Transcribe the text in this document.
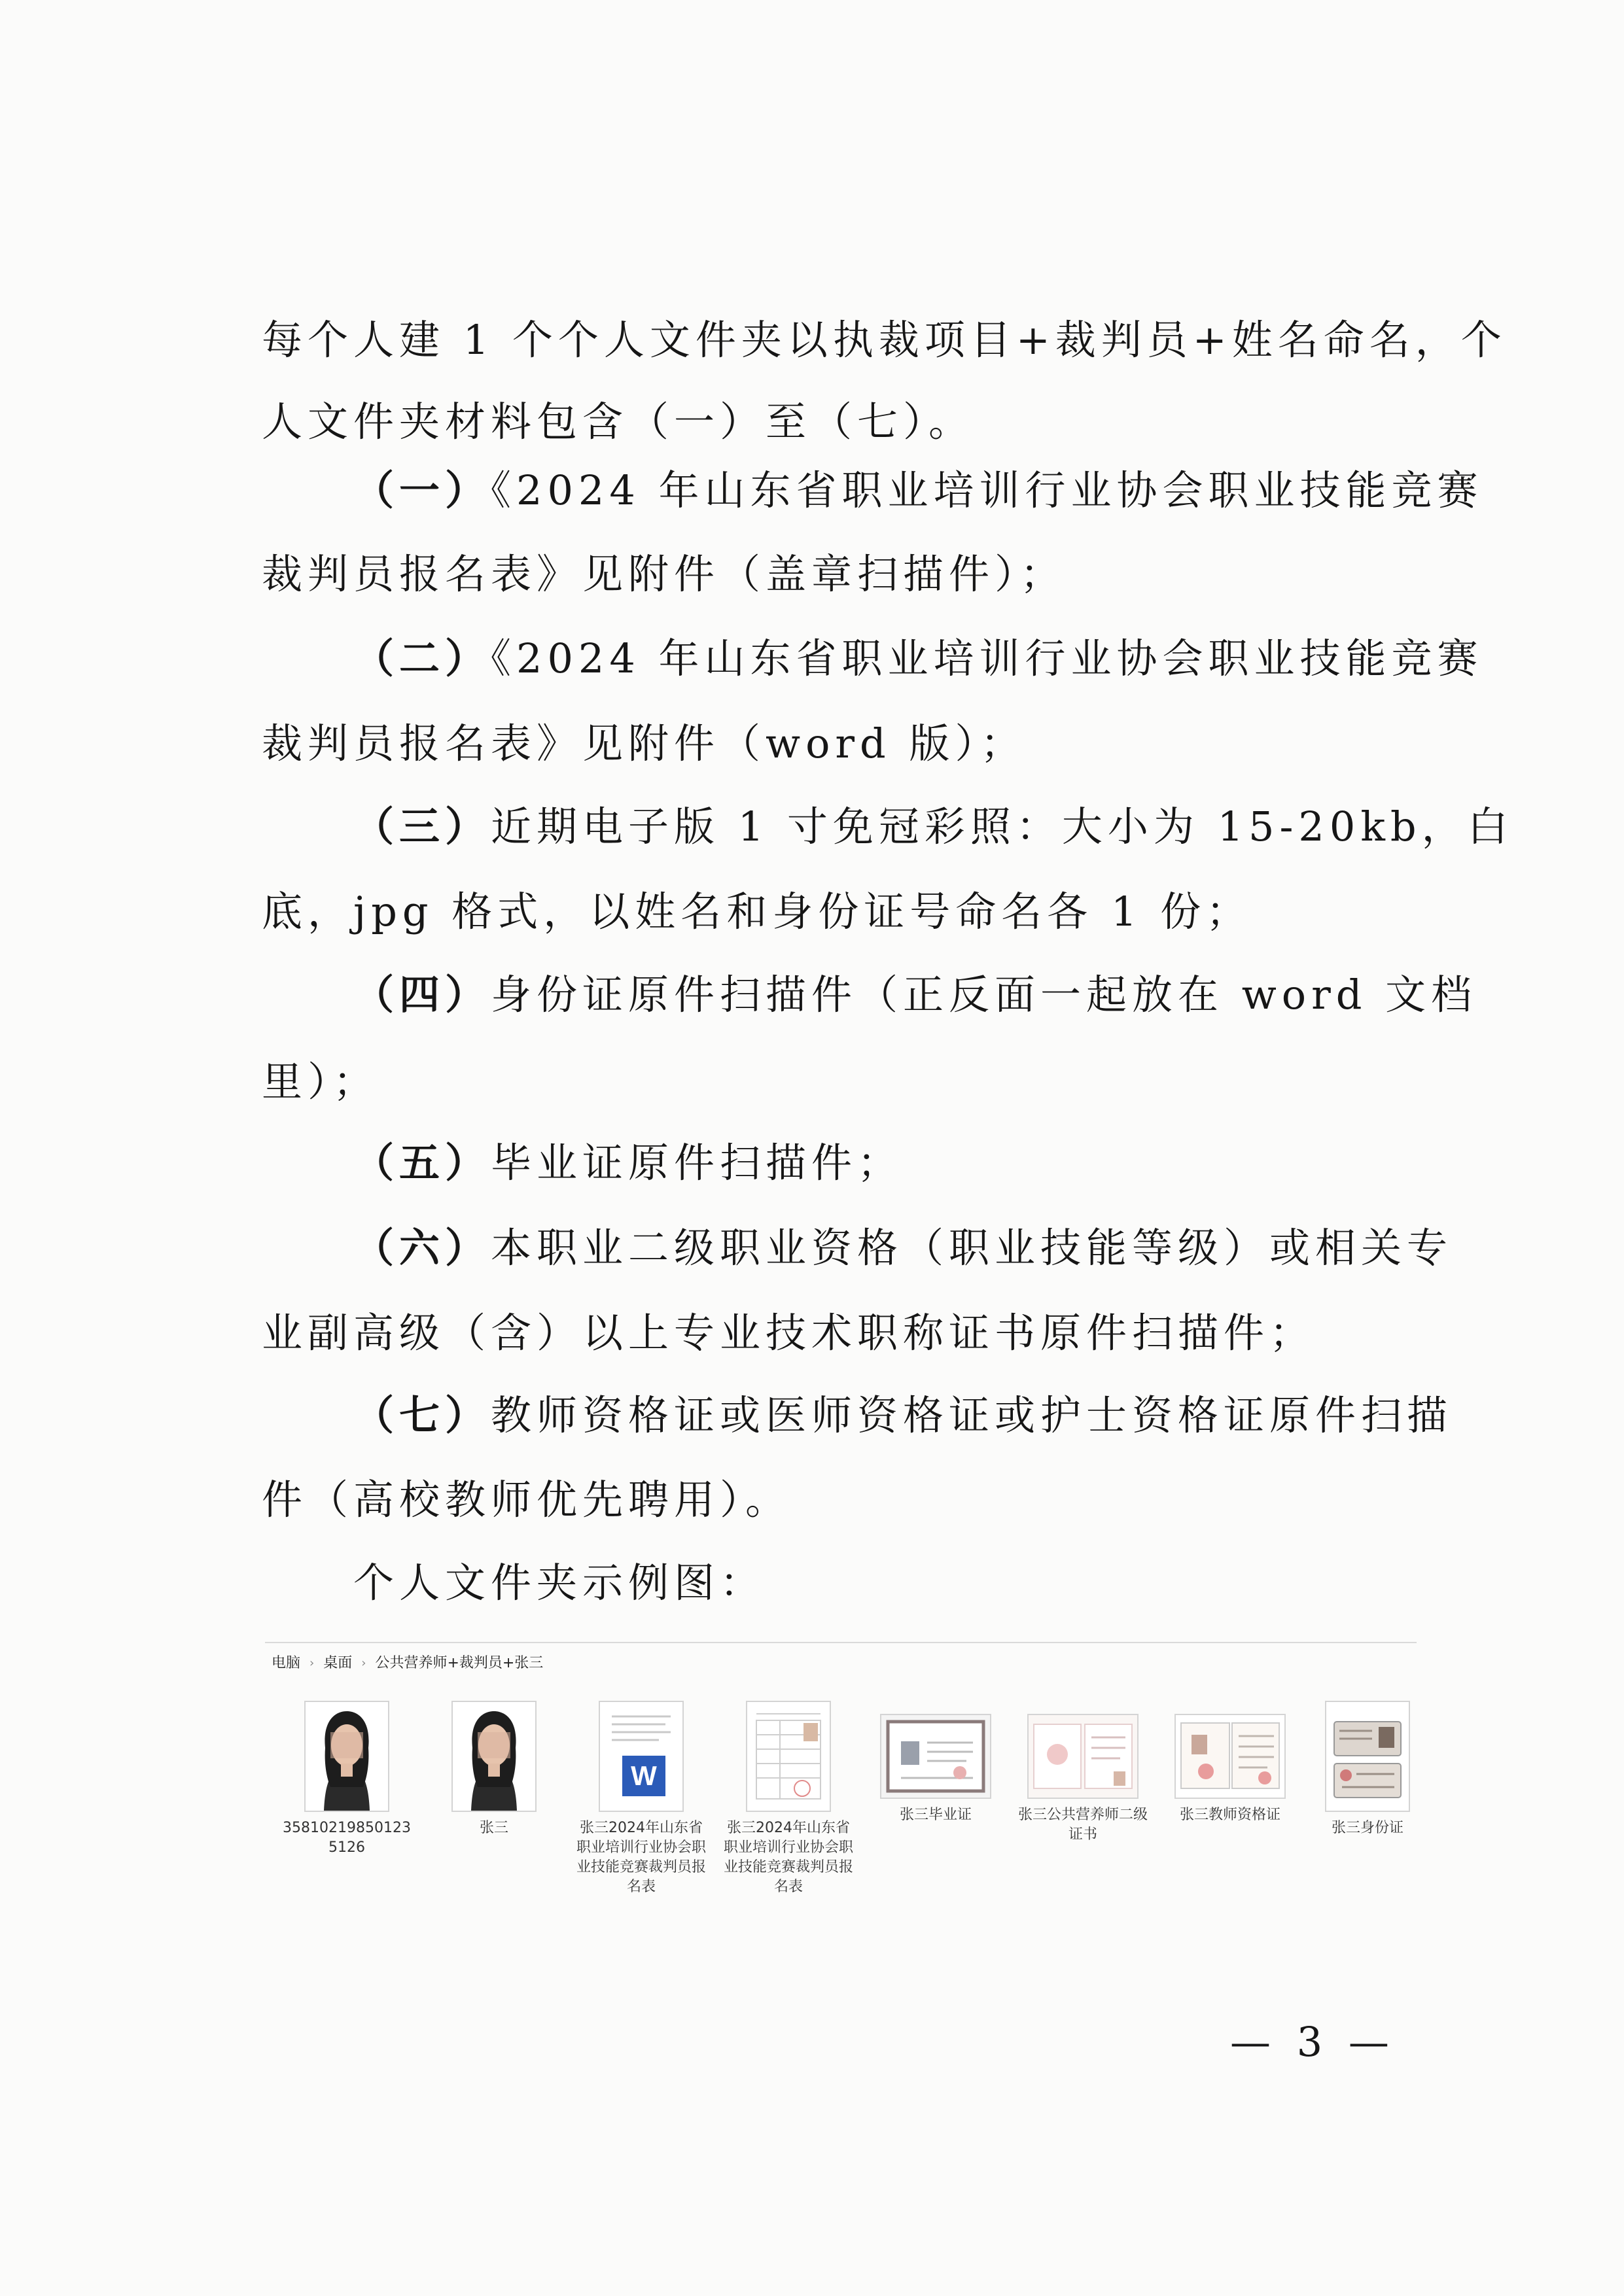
每个人建 1 个个人文件夹以执裁项目+裁判员+姓名命名，个
人文件夹材料包含（一）至（七）。
（一）《2024 年山东省职业培训行业协会职业技能竞赛
裁判员报名表》见附件（盖章扫描件）；
（二）《2024 年山东省职业培训行业协会职业技能竞赛
裁判员报名表》见附件（word 版）；
（三）近期电子版 1 寸免冠彩照：大小为 15-20kb，白
底，jpg 格式，以姓名和身份证号命名各 1 份；
（四）身份证原件扫描件（正反面一起放在 word 文档
里）；
（五）毕业证原件扫描件；
（六）本职业二级职业资格（职业技能等级）或相关专
业副高级（含）以上专业技术职称证书原件扫描件；
（七）教师资格证或医师资格证或护士资格证原件扫描
件（高校教师优先聘用）。
个人文件夹示例图：
电脑 › 桌面 › 公共营养师+裁判员+张三
358102198501235126
张三
W
张三2024年山东省职业培训行业协会职业技能竞赛裁判员报名表
张三2024年山东省职业培训行业协会职业技能竞赛裁判员报名表
张三毕业证	张三公共营养师二级证书
张三教师资格证
张三身份证
— 3 —
